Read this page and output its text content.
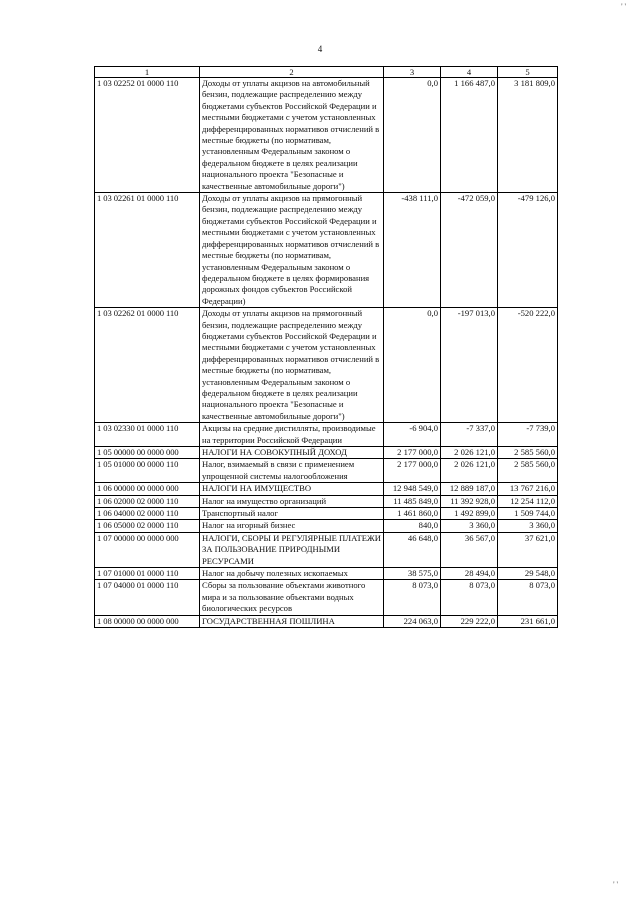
' '
4
1	2	3	4	5
1 03 02252 01 0000 110	Доходы от уплаты акцизов на автомобильный бензин, подлежащие распределению между бюджетами субъектов Российской Федерации и местными бюджетами с учетом установленных дифференцированных нормативов отчислений в местные бюджеты (по нормативам, установленным Федеральным законом о федеральном бюджете в целях реализации национального проекта "Безопасные и качественные автомобильные дороги")	0,0	1 166 487,0	3 181 809,0
1 03 02261 01 0000 110	Доходы от уплаты акцизов на прямогонный бензин, подлежащие распределению между бюджетами субъектов Российской Федерации и местными бюджетами с учетом установленных дифференцированных нормативов отчислений в местные бюджеты (по нормативам, установленным Федеральным законом о федеральном бюджете в целях формирования дорожных фондов субъектов Российской Федерации)	-438 111,0	-472 059,0	-479 126,0
1 03 02262 01 0000 110	Доходы от уплаты акцизов на прямогонный бензин, подлежащие распределению между бюджетами субъектов Российской Федерации и местными бюджетами с учетом установленных дифференцированных нормативов отчислений в местные бюджеты (по нормативам, установленным Федеральным законом о федеральном бюджете в целях реализации национального проекта "Безопасные и качественные автомобильные дороги")	0,0	-197 013,0	-520 222,0
1 03 02330 01 0000 110	Акцизы на средние дистилляты, производимые на территории Российской Федерации	-6 904,0	-7 337,0	-7 739,0
1 05 00000 00 0000 000	НАЛОГИ НА СОВОКУПНЫЙ ДОХОД	2 177 000,0	2 026 121,0	2 585 560,0
1 05 01000 00 0000 110	Налог, взимаемый в связи с применением упрощенной системы налогообложения	2 177 000,0	2 026 121,0	2 585 560,0
1 06 00000 00 0000 000	НАЛОГИ НА ИМУЩЕСТВО	12 948 549,0	12 889 187,0	13 767 216,0
1 06 02000 02 0000 110	Налог на имущество организаций	11 485 849,0	11 392 928,0	12 254 112,0
1 06 04000 02 0000 110	Транспортный налог	1 461 860,0	1 492 899,0	1 509 744,0
1 06 05000 02 0000 110	Налог на игорный бизнес	840,0	3 360,0	3 360,0
1 07 00000 00 0000 000	НАЛОГИ, СБОРЫ И РЕГУЛЯРНЫЕ ПЛАТЕЖИ ЗА ПОЛЬЗОВАНИЕ ПРИРОДНЫМИ РЕСУРСАМИ	46 648,0	36 567,0	37 621,0
1 07 01000 01 0000 110	Налог на добычу полезных ископаемых	38 575,0	28 494,0	29 548,0
1 07 04000 01 0000 110	Сборы за пользование объектами животного мира и за пользование объектами водных биологических ресурсов	8 073,0	8 073,0	8 073,0
1 08 00000 00 0000 000	ГОСУДАРСТВЕННАЯ ПОШЛИНА	224 063,0	229 222,0	231 661,0
' '
